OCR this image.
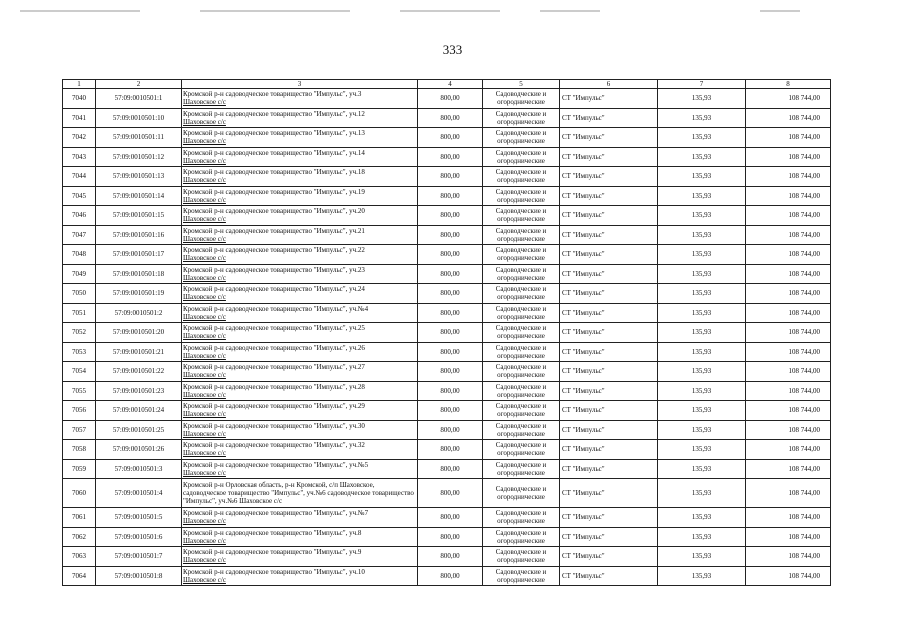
333
1	2	3	4	5	6	7	8
7040	57:09:0010501:1	Кромской р-н садоводческое товарищество "Импульс", уч.3
Шаховское с/с	800,00	Садоводческие и огороднические	СТ "Импульс"	135,93	108 744,00
7041	57:09:0010501:10	Кромской р-н садоводческое товарищество "Импульс", уч.12
Шаховское с/с	800,00	Садоводческие и огороднические	СТ "Импульс"	135,93	108 744,00
7042	57:09:0010501:11	Кромской р-н садоводческое товарищество "Импульс", уч.13
Шаховское с/с	800,00	Садоводческие и огороднические	СТ "Импульс"	135,93	108 744,00
7043	57:09:0010501:12	Кромской р-н садоводческое товарищество "Импульс", уч.14
Шаховское с/с	800,00	Садоводческие и огороднические	СТ "Импульс"	135,93	108 744,00
7044	57:09:0010501:13	Кромской р-н садоводческое товарищество "Импульс", уч.18
Шаховское с/с	800,00	Садоводческие и огороднические	СТ "Импульс"	135,93	108 744,00
7045	57:09:0010501:14	Кромской р-н садоводческое товарищество "Импульс", уч.19
Шаховское с/с	800,00	Садоводческие и огороднические	СТ "Импульс"	135,93	108 744,00
7046	57:09:0010501:15	Кромской р-н садоводческое товарищество "Импульс", уч.20
Шаховское с/с	800,00	Садоводческие и огороднические	СТ "Импульс"	135,93	108 744,00
7047	57:09:0010501:16	Кромской р-н садоводческое товарищество "Импульс", уч.21
Шаховское с/с	800,00	Садоводческие и огороднические	СТ "Импульс"	135,93	108 744,00
7048	57:09:0010501:17	Кромской р-н садоводческое товарищество "Импульс", уч.22
Шаховское с/с	800,00	Садоводческие и огороднические	СТ "Импульс"	135,93	108 744,00
7049	57:09:0010501:18	Кромской р-н садоводческое товарищество "Импульс", уч.23
Шаховское с/с	800,00	Садоводческие и огороднические	СТ "Импульс"	135,93	108 744,00
7050	57:09:0010501:19	Кромской р-н садоводческое товарищество "Импульс", уч.24
Шаховское с/с	800,00	Садоводческие и огороднические	СТ "Импульс"	135,93	108 744,00
7051	57:09:0010501:2	Кромской р-н садоводческое товарищество "Импульс", уч.№4
Шаховское с/с	800,00	Садоводческие и огороднические	СТ "Импульс"	135,93	108 744,00
7052	57:09:0010501:20	Кромской р-н садоводческое товарищество "Импульс", уч.25
Шаховское с/с	800,00	Садоводческие и огороднические	СТ "Импульс"	135,93	108 744,00
7053	57:09:0010501:21	Кромской р-н садоводческое товарищество "Импульс", уч.26
Шаховское с/с	800,00	Садоводческие и огороднические	СТ "Импульс"	135,93	108 744,00
7054	57:09:0010501:22	Кромской р-н садоводческое товарищество "Импульс", уч.27
Шаховское с/с	800,00	Садоводческие и огороднические	СТ "Импульс"	135,93	108 744,00
7055	57:09:0010501:23	Кромской р-н садоводческое товарищество "Импульс", уч.28
Шаховское с/с	800,00	Садоводческие и огороднические	СТ "Импульс"	135,93	108 744,00
7056	57:09:0010501:24	Кромской р-н садоводческое товарищество "Импульс", уч.29
Шаховское с/с	800,00	Садоводческие и огороднические	СТ "Импульс"	135,93	108 744,00
7057	57:09:0010501:25	Кромской р-н садоводческое товарищество "Импульс", уч.30
Шаховское с/с	800,00	Садоводческие и огороднические	СТ "Импульс"	135,93	108 744,00
7058	57:09:0010501:26	Кромской р-н садоводческое товарищество "Импульс", уч.32
Шаховское с/с	800,00	Садоводческие и огороднические	СТ "Импульс"	135,93	108 744,00
7059	57:09:0010501:3	Кромской р-н садоводческое товарищество "Импульс", уч.№5
Шаховское с/с	800,00	Садоводческие и огороднические	СТ "Импульс"	135,93	108 744,00
7060	57:09:0010501:4	Кромской р-н Орловская область, р-н Кромской, с/п Шаховское, садоводческое товарищество "Импульс", уч.№6 садоводческое товарищество "Импульс", уч.№6 Шаховское с/с	800,00	Садоводческие и огороднические	СТ "Импульс"	135,93	108 744,00
7061	57:09:0010501:5	Кромской р-н садоводческое товарищество "Импульс", уч.№7
Шаховское с/с	800,00	Садоводческие и огороднические	СТ "Импульс"	135,93	108 744,00
7062	57:09:0010501:6	Кромской р-н садоводческое товарищество "Импульс", уч.8
Шаховское с/с	800,00	Садоводческие и огороднические	СТ "Импульс"	135,93	108 744,00
7063	57:09:0010501:7	Кромской р-н садоводческое товарищество "Импульс", уч.9
Шаховское с/с	800,00	Садоводческие и огороднические	СТ "Импульс"	135,93	108 744,00
7064	57:09:0010501:8	Кромской р-н садоводческое товарищество "Импульс", уч.10
Шаховское с/с	800,00	Садоводческие и огороднические	СТ "Импульс"	135,93	108 744,00
